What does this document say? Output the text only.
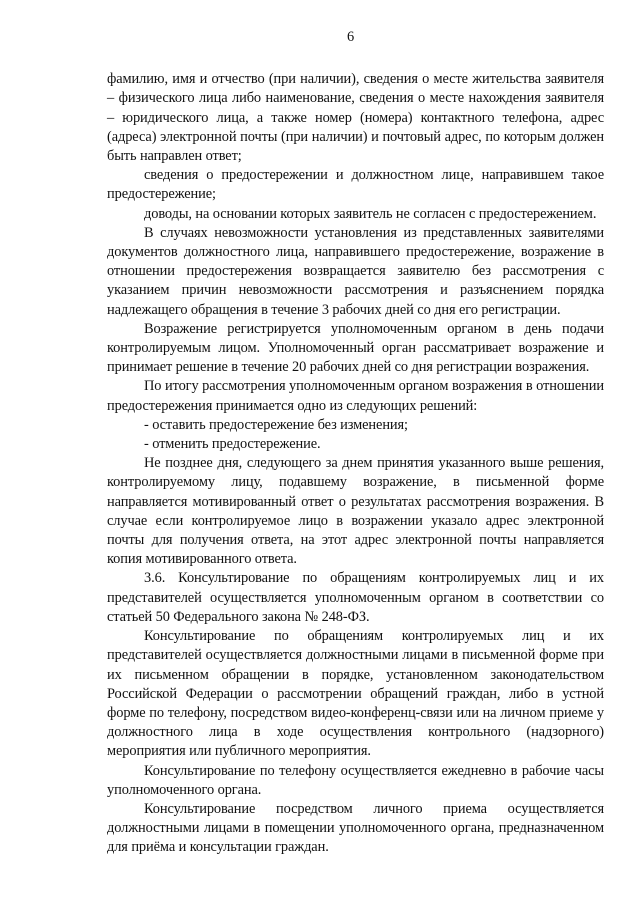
6

фамилию, имя и отчество (при наличии), сведения о месте жительства заявителя – физического лица либо наименование, сведения о месте нахождения заявителя – юридического лица, а также номер (номера) контактного телефона, адрес (адреса) электронной почты (при наличии) и почтовый адрес, по которым должен быть направлен ответ;

сведения о предостережении и должностном лице, направившем такое предостережение;

доводы, на основании которых заявитель не согласен с предостережением.

В случаях невозможности установления из представленных заявителями документов должностного лица, направившего предостережение, возражение в отношении предостережения возвращается заявителю без рассмотрения с указанием причин невозможности рассмотрения и разъяснением порядка надлежащего обращения в течение 3 рабочих дней со дня его регистрации.

Возражение регистрируется уполномоченным органом в день подачи контролируемым лицом. Уполномоченный орган рассматривает возражение и принимает решение в течение 20 рабочих дней со дня регистрации возражения.

По итогу рассмотрения уполномоченным органом возражения в отношении предостережения принимается одно из следующих решений:

- оставить предостережение без изменения;

- отменить предостережение.

Не позднее дня, следующего за днем принятия указанного выше решения, контролируемому лицу, подавшему возражение, в письменной форме направляется мотивированный ответ о результатах рассмотрения возражения. В случае если контролируемое лицо в возражении указало адрес электронной почты для получения ответа, на этот адрес электронной почты направляется копия мотивированного ответа.

3.6. Консультирование по обращениям контролируемых лиц и их представителей осуществляется уполномоченным органом в соответствии со статьей 50 Федерального закона № 248-ФЗ.

Консультирование по обращениям контролируемых лиц и их представителей осуществляется должностными лицами в письменной форме при их письменном обращении в порядке, установленном законодательством Российской Федерации о рассмотрении обращений граждан, либо в устной форме по телефону, посредством видео-конференц-связи или на личном приеме у должностного лица в ходе осуществления контрольного (надзорного) мероприятия или публичного мероприятия.

Консультирование по телефону осуществляется ежедневно в рабочие часы уполномоченного органа.

Консультирование посредством личного приема осуществляется должностными лицами в помещении уполномоченного органа, предназначенном для приёма и консультации граждан.
